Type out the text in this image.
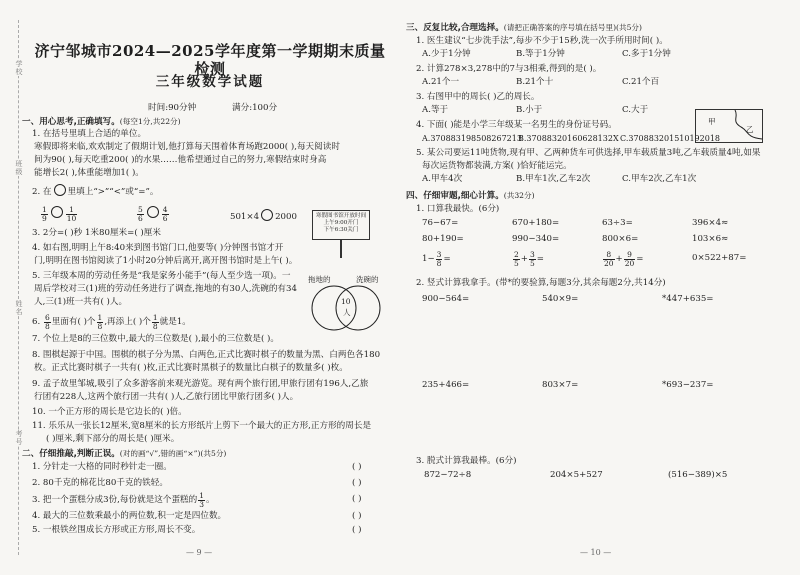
学
校
班
级
姓
名
考
号
济宁邹城市2024—2025学年度第一学期期末质量检测
三年级数学试题
时间:90分钟	满分:100分
一、用心思考,正确填写。(每空1分,共22分)
1. 在括号里填上合适的单位。
寒假即将来临,欢欢制定了假期计划,他打算每天围着体育场跑2000( ),每天阅读时
间为90( ),每天吃重200( )的水果……他希望通过自己的努力,寒假结束时身高
能增长2( ),体重能增加1( )。
2. 在 里填上“>”“<”或“=”。
$\frac{1}{9} \frac{1}{10}$	$\frac{5}{6} \frac{4}{6}$	501×4 2000
3. 2分=( )秒 1米80厘米=( )厘米
4. 如右图,明明上午8:40来到图书馆门口,他要等( )分钟图书馆才开
门,明明在图书馆阅读了1小时20分钟后离开,离开图书馆时是上午( )。
寒假图书馆开放时间
上午9:00开门
下午6:30关门
5. 三年级本周的劳动任务是“我是家务小能手”(每人至少选一项)。一
周后学校对三(1)班的劳动任务进行了调查,拖地的有30人,洗碗的有34
人,三(1)班一共有( )人。
拖地的	洗碗的
10
人
6. $\frac{6}{8}$ 里面有( )个 $\frac{1}{8}$ ,再添上( )个 $\frac{1}{8}$ 就是1。
7. 个位上是8的三位数中,最大的三位数是( ),最小的三位数是( )。
8. 围棋起源于中国。围棋的棋子分为黑、白两色,正式比赛时棋子的数量为黑、白两色各180
枚。正式比赛时棋子一共有( )枚,正式比赛时黑棋子的数量比白棋子的数量多( )枚。
9. 孟子故里邹城,吸引了众多游客前来观光游览。现有两个旅行团,甲旅行团有196人,乙旅
行团有228人,这两个旅行团一共有( )人,乙旅行团比甲旅行团多( )人。
10. 一个正方形的周长是它边长的( )倍。
11. 乐乐从一张长12厘米,宽8厘米的长方形纸片上剪下一个最大的正方形,正方形的周长是
( )厘米,剩下部分的周长是( )厘米。
二、仔细推敲,判断正误。(对的画“√”,错的画“×”)(共5分)
1. 分针走一大格的同时秒针走一圈。	( )
2. 80千克的棉花比80千克的铁轻。	( )
3. 把一个蛋糕分成3份,每份就是这个蛋糕的 $\frac{1}{3}$ 。	( )
4. 最大的三位数乘最小的两位数,积一定是四位数。	( )
5. 一根铁丝围成长方形或正方形,周长不变。	( )
— 9 —
三、反复比较,合理选择。(请把正确答案的序号填在括号里)(共5分)
1. 医生建议“七步洗手法”,每步不少于15秒,洗一次手所用时间( )。
A.少于1分钟	B.等于1分钟	C.多于1分钟
2. 计算278×3,278中的7与3相乘,得到的是( )。
A.21个一	B.21个十	C.21个百
3. 右图甲中的周长( )乙的周长。
A.等于	B.小于	C.大于
4. 下面( )能是小学三年级某一名男生的身份证号码。
A.370883198508267213
B.37088320160628132X C.370883201510192018
5. 某公司要运11吨货物,现有甲、乙两种货车可供选择,甲车载质量3吨,乙车载质量4吨,如果
每次运货物都装满,方案( )恰好能运完。
A.甲车4次	B.甲车1次,乙车2次	C.甲车2次,乙车1次
四、仔细审题,细心计算。(共32分)
1. 口算我最快。(6分)
76−67=	670+180=	63÷3=	396×4≈
80+190=	990−340=	800×6=	103×6≈
$1- \frac{3}{8}$ =	$\frac{2}{5} + \frac{3}{5}$ =	$\frac{8}{20} + \frac{9}{20}$ =	0×522+87=
2. 竖式计算我拿手。(带*的要验算,每题3分,其余每题2分,共14分)
900−564=	540×9=	*447+635=
235+466=	803×7=	*693−237=
3. 脱式计算我最棒。(6分)
872−72÷8	204×5+527	(516−389)×5
— 10 —
甲
乙
